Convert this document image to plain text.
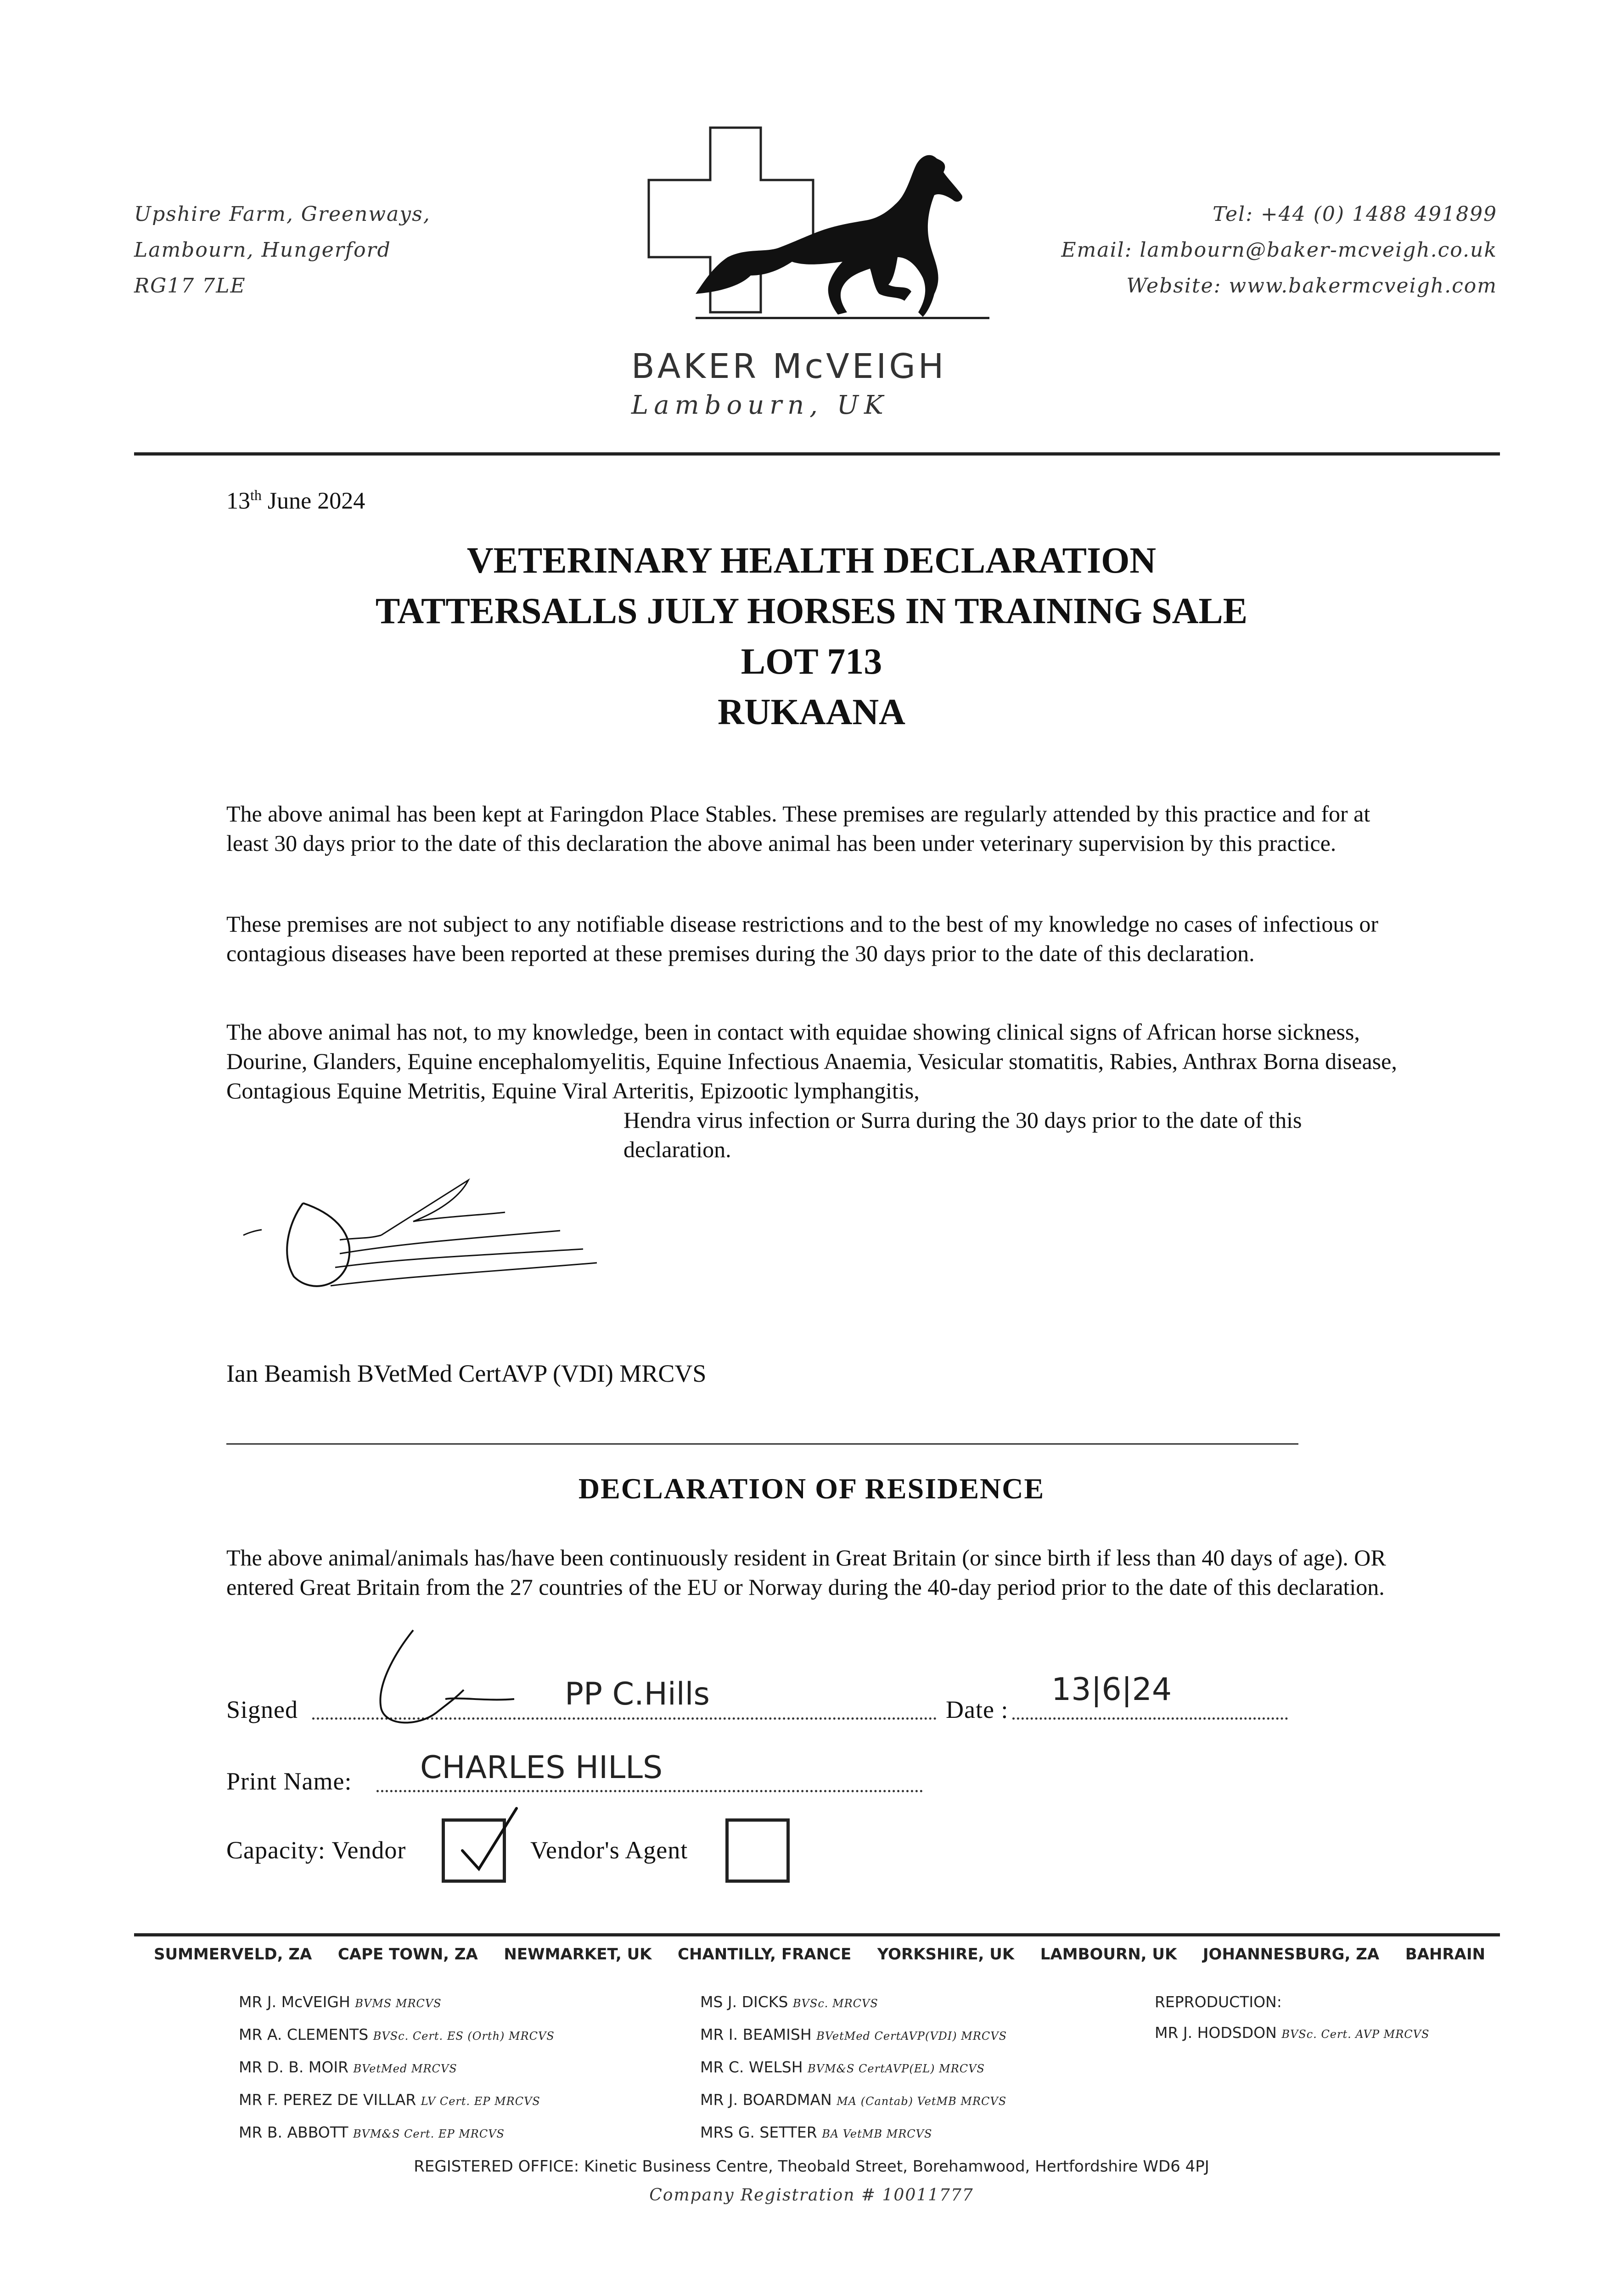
Upshire Farm, Greenways,
Lambourn, Hungerford
RG17 7LE
BAKER McVEIGH
Lambourn, UK
Tel: +44 (0) 1488 491899
Email: lambourn@baker-mcveigh.co.uk
Website: www.bakermcveigh.com
13th June 2024
VETERINARY HEALTH DECLARATION
TATTERSALLS JULY HORSES IN TRAINING SALE
LOT 713
RUKAANA
The above animal has been kept at Faringdon Place Stables. These premises are regularly attended by this practice and for at least 30 days prior to the date of this declaration the above animal has been under veterinary supervision by this practice.
These premises are not subject to any notifiable disease restrictions and to the best of my knowledge no cases of infectious or contagious diseases have been reported at these premises during the 30 days prior to the date of this declaration.
The above animal has not, to my knowledge, been in contact with equidae showing clinical signs of African horse sickness, Dourine, Glanders, Equine encephalomyelitis, Equine Infectious Anaemia, Vesicular stomatitis, Rabies, Anthrax Borna disease, Contagious Equine Metritis, Equine Viral Arteritis, Epizootic lymphangitis,
Hendra virus infection or Surra during the 30 days prior to the date of this declaration.
Ian Beamish BVetMed CertAVP (VDI) MRCVS
DECLARATION OF RESIDENCE
The above animal/animals has/have been continuously resident in Great Britain (or since birth if less than 40 days of age). OR entered Great Britain from the 27 countries of the EU or Norway during the 40-day period prior to the date of this declaration.
Signed	PP C.Hills	Date :
13|6|24
Print Name: CHARLES HILLS
Capacity: Vendor	Vendor's Agent
SUMMERVELD, ZA CAPE TOWN, ZA NEWMARKET, UK CHANTILLY, FRANCE YORKSHIRE, UK LAMBOURN, UK JOHANNESBURG, ZA BAHRAIN
MR J. McVEIGH BVMS MRCVS
MR A. CLEMENTS BVSc. Cert. ES (Orth) MRCVS
MR D. B. MOIR BVetMed MRCVS
MR F. PEREZ DE VILLAR LV Cert. EP MRCVS
MR B. ABBOTT BVM&S Cert. EP MRCVS
MS J. DICKS BVSc. MRCVS
MR I. BEAMISH BVetMed CertAVP(VDI) MRCVS
MR C. WELSH BVM&S CertAVP(EL) MRCVS
MR J. BOARDMAN MA (Cantab) VetMB MRCVS
MRS G. SETTER BA VetMB MRCVS
REPRODUCTION:
MR J. HODSDON BVSc. Cert. AVP MRCVS
REGISTERED OFFICE: Kinetic Business Centre, Theobald Street, Borehamwood, Hertfordshire WD6 4PJ
Company Registration # 10011777
